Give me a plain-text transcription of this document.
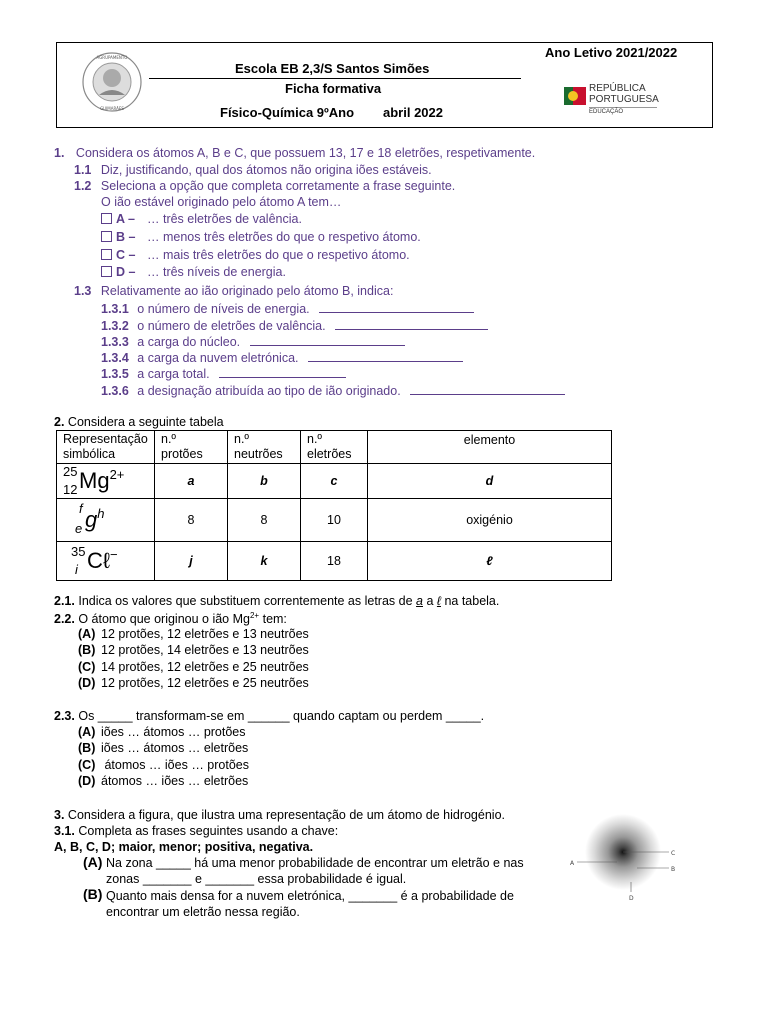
AGRUPAMENTO
GUIMARÃES
Escola EB 2,3/S Santos Simões
Ficha formativa
Físico-Química 9ºAno abril 2022
Ano Letivo 2021/2022
REPÚBLICA
PORTUGUESA
EDUCAÇÃO
1. Considera os átomos A, B e C, que possuem 13, 17 e 18 eletrões, respetivamente.
1.1 Diz, justificando, qual dos átomos não origina iões estáveis.
1.2 Seleciona a opção que completa corretamente a frase seguinte.
O ião estável originado pelo átomo A tem…
A – … três eletrões de valência.
B – … menos três eletrões do que o respetivo átomo.
C – … mais três eletrões do que o respetivo átomo.
D – … três níveis de energia.
1.3 Relativamente ao ião originado pelo átomo B, indica:
1.3.1 o número de níveis de energia.
1.3.2 o número de eletrões de valência.
1.3.3 a carga do núcleo.
1.3.4 a carga da nuvem eletrónica.
1.3.5 a carga total.
1.3.6 a designação atribuída ao tipo de ião originado.
2. Considera a seguinte tabela
Representação simbólica	n.º protões	n.º neutrões	n.º eletrões	elemento

25
12 $Mg^{2+}$	a	b	c	d

f
e $g^h$	8	8	10	oxigénio

35
i Cℓ−	j	k	18	ℓ
2.1. Indica os valores que substituem correntemente as letras de a a ℓ na tabela.
2.2. O átomo que originou o ião $Mg^{2+}$ tem:
(A) 12 protões, 12 eletrões e 13 neutrões
(B) 12 protões, 14 eletrões e 13 neutrões
(C) 14 protões, 12 eletrões e 25 neutrões
(D) 12 protões, 12 eletrões e 25 neutrões
2.3. Os _____ transformam-se em ______ quando captam ou perdem _____.
(A) iões … átomos … protões
(B) iões … átomos … eletrões
(C) átomos … iões … protões
(D) átomos … iões … eletrões
3. Considera a figura, que ilustra uma representação de um átomo de hidrogénio.
3.1. Completa as frases seguintes usando a chave:
A, B, C, D; maior, menor; positiva, negativa.
(A) Na zona _____ há uma menor probabilidade de encontrar um eletrão e nas
zonas _______ e _______ essa probabilidade é igual.
(B) Quanto mais densa for a nuvem eletrónica, _______ é a probabilidade de
encontrar um eletrão nessa região.
A
C
B
D
